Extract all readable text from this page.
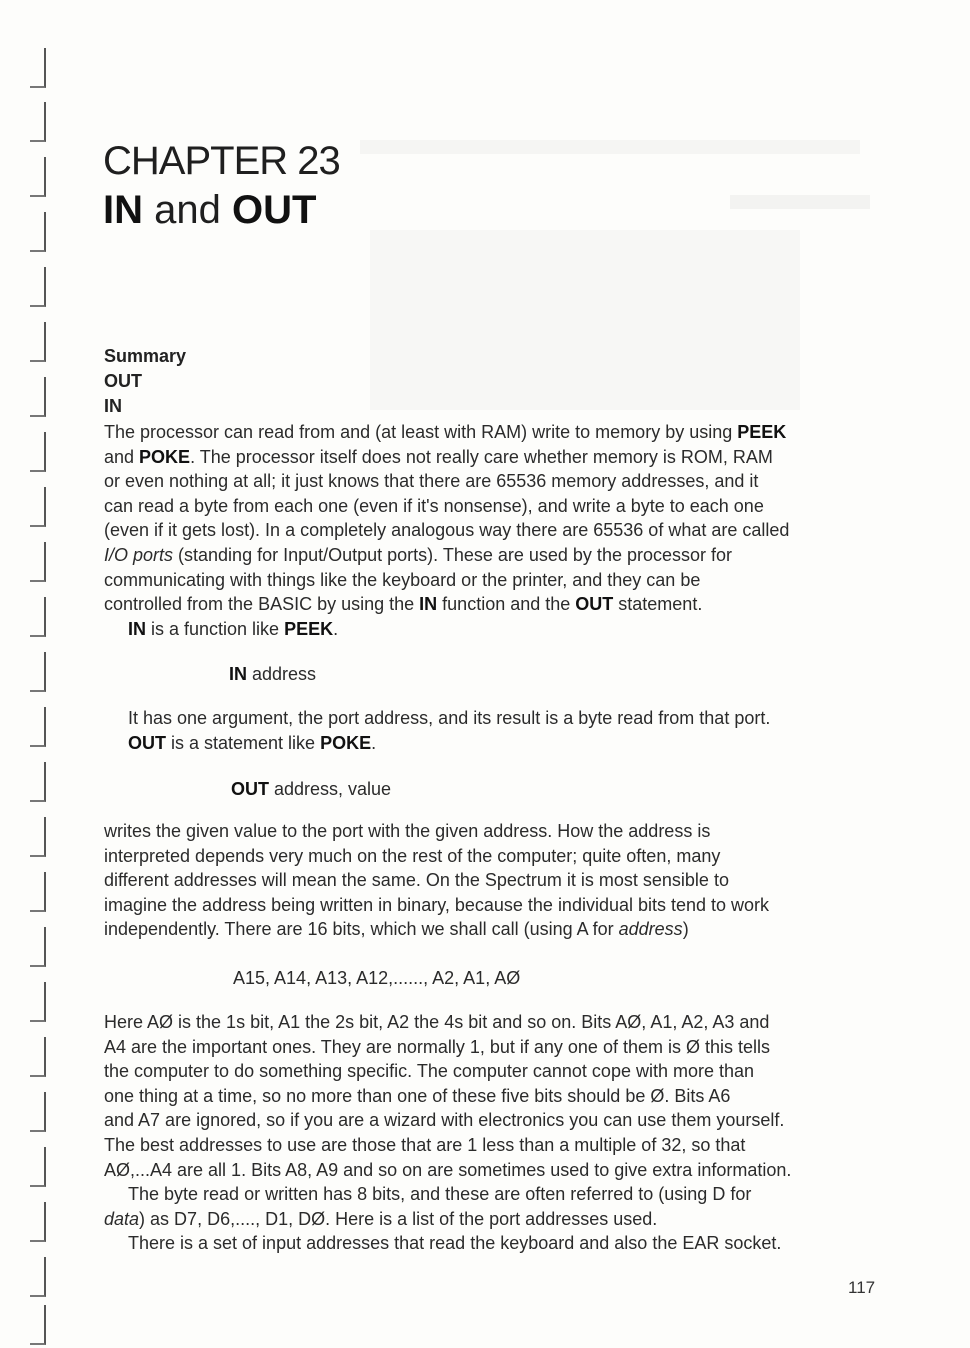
CHAPTER 23
IN and OUT
Summary
OUT
IN
The processor can read from and (at least with RAM) write to memory by using PEEK
and POKE. The processor itself does not really care whether memory is ROM, RAM
or even nothing at all; it just knows that there are 65536 memory addresses, and it
can read a byte from each one (even if it's nonsense), and write a byte to each one
(even if it gets lost). In a completely analogous way there are 65536 of what are called
I/O ports (standing for Input/Output ports). These are used by the processor for
communicating with things like the keyboard or the printer, and they can be
controlled from the BASIC by using the IN function and the OUT statement.
IN is a function like PEEK.
IN address
It has one argument, the port address, and its result is a byte read from that port.
OUT is a statement like POKE.
OUT address, value
writes the given value to the port with the given address. How the address is
interpreted depends very much on the rest of the computer; quite often, many
different addresses will mean the same. On the Spectrum it is most sensible to
imagine the address being written in binary, because the individual bits tend to work
independently. There are 16 bits, which we shall call (using A for address)
A15, A14, A13, A12,......, A2, A1, AØ
Here AØ is the 1s bit, A1 the 2s bit, A2 the 4s bit and so on. Bits AØ, A1, A2, A3 and
A4 are the important ones. They are normally 1, but if any one of them is Ø this tells
the computer to do something specific. The computer cannot cope with more than
one thing at a time, so no more than one of these five bits should be Ø. Bits A6
and A7 are ignored, so if you are a wizard with electronics you can use them yourself.
The best addresses to use are those that are 1 less than a multiple of 32, so that
AØ,...A4 are all 1. Bits A8, A9 and so on are sometimes used to give extra information.
The byte read or written has 8 bits, and these are often referred to (using D for
data) as D7, D6,...., D1, DØ. Here is a list of the port addresses used.
There is a set of input addresses that read the keyboard and also the EAR socket.
117
